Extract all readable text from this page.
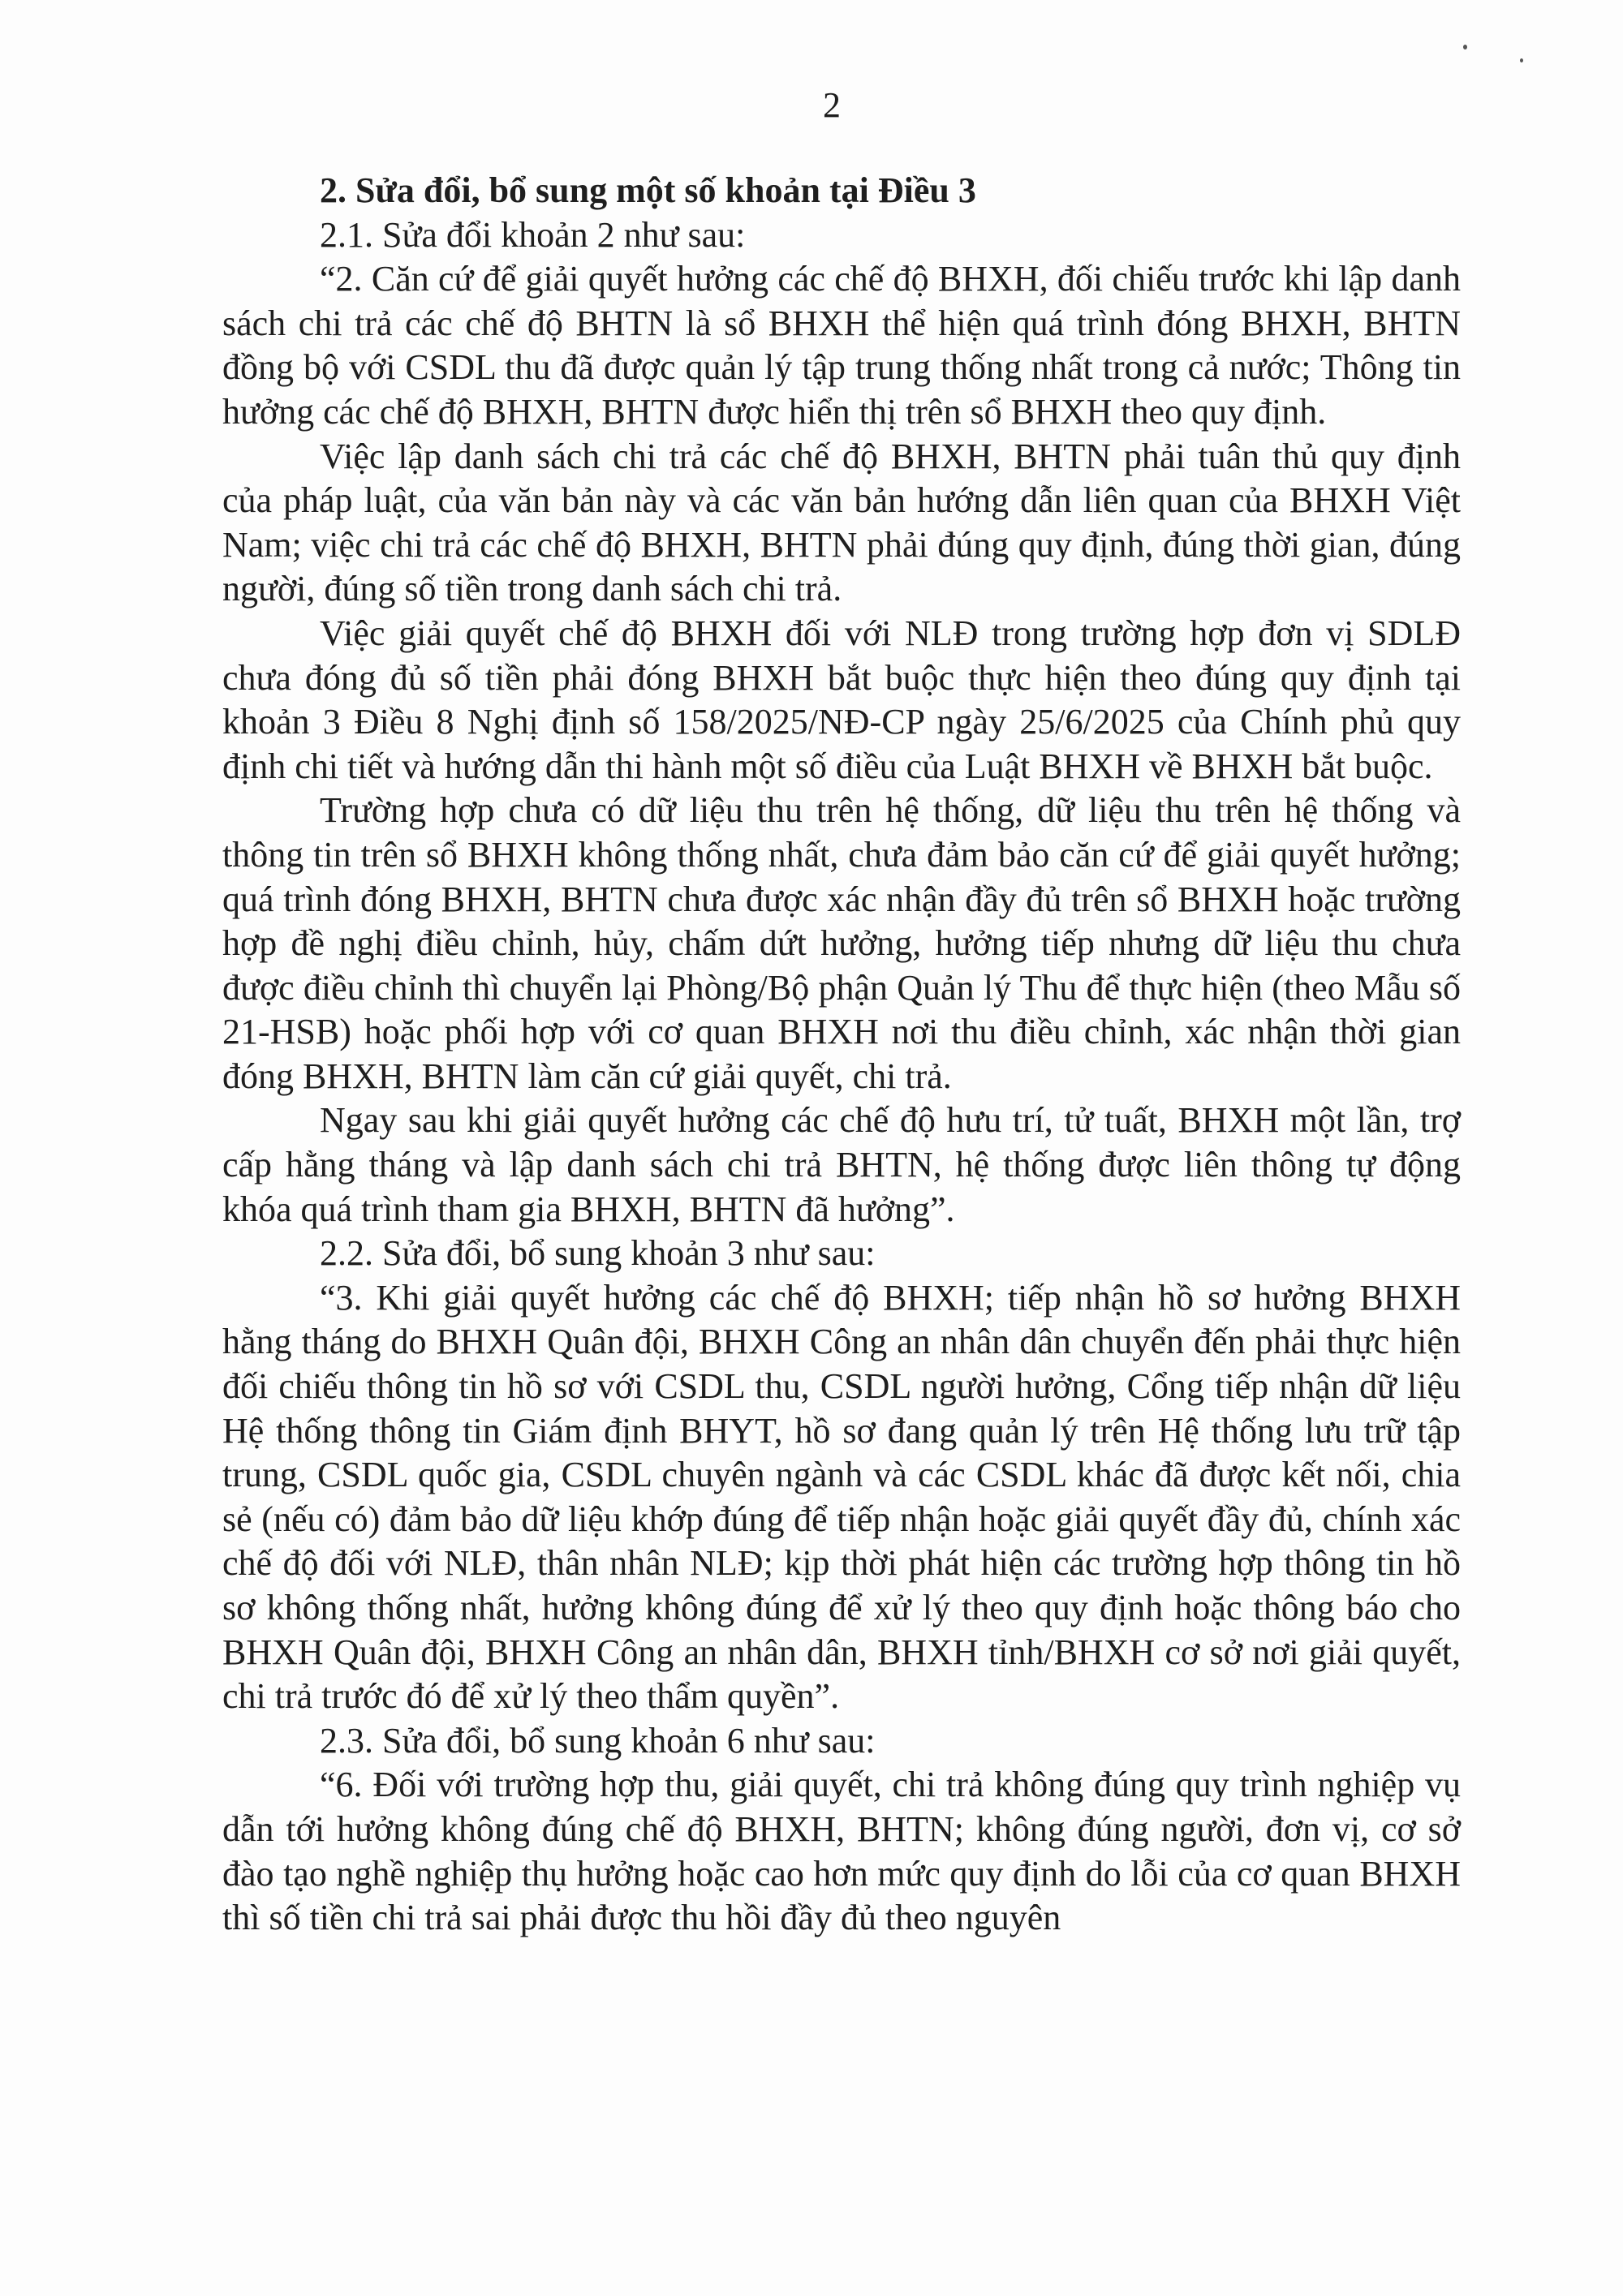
2

2. Sửa đổi, bổ sung một số khoản tại Điều 3

2.1. Sửa đổi khoản 2 như sau:

“2. Căn cứ để giải quyết hưởng các chế độ BHXH, đối chiếu trước khi lập danh sách chi trả các chế độ BHTN là sổ BHXH thể hiện quá trình đóng BHXH, BHTN đồng bộ với CSDL thu đã được quản lý tập trung thống nhất trong cả nước; Thông tin hưởng các chế độ BHXH, BHTN được hiển thị trên sổ BHXH theo quy định.

Việc lập danh sách chi trả các chế độ BHXH, BHTN phải tuân thủ quy định của pháp luật, của văn bản này và các văn bản hướng dẫn liên quan của BHXH Việt Nam; việc chi trả các chế độ BHXH, BHTN phải đúng quy định, đúng thời gian, đúng người, đúng số tiền trong danh sách chi trả.

Việc giải quyết chế độ BHXH đối với NLĐ trong trường hợp đơn vị SDLĐ chưa đóng đủ số tiền phải đóng BHXH bắt buộc thực hiện theo đúng quy định tại khoản 3 Điều 8 Nghị định số 158/2025/NĐ-CP ngày 25/6/2025 của Chính phủ quy định chi tiết và hướng dẫn thi hành một số điều của Luật BHXH về BHXH bắt buộc.

Trường hợp chưa có dữ liệu thu trên hệ thống, dữ liệu thu trên hệ thống và thông tin trên sổ BHXH không thống nhất, chưa đảm bảo căn cứ để giải quyết hưởng; quá trình đóng BHXH, BHTN chưa được xác nhận đầy đủ trên sổ BHXH hoặc trường hợp đề nghị điều chỉnh, hủy, chấm dứt hưởng, hưởng tiếp nhưng dữ liệu thu chưa được điều chỉnh thì chuyển lại Phòng/Bộ phận Quản lý Thu để thực hiện (theo Mẫu số 21-HSB) hoặc phối hợp với cơ quan BHXH nơi thu điều chỉnh, xác nhận thời gian đóng BHXH, BHTN làm căn cứ giải quyết, chi trả.

Ngay sau khi giải quyết hưởng các chế độ hưu trí, tử tuất, BHXH một lần, trợ cấp hằng tháng và lập danh sách chi trả BHTN, hệ thống được liên thông tự động khóa quá trình tham gia BHXH, BHTN đã hưởng”.

2.2. Sửa đổi, bổ sung khoản 3 như sau:

“3. Khi giải quyết hưởng các chế độ BHXH; tiếp nhận hồ sơ hưởng BHXH hằng tháng do BHXH Quân đội, BHXH Công an nhân dân chuyển đến phải thực hiện đối chiếu thông tin hồ sơ với CSDL thu, CSDL người hưởng, Cổng tiếp nhận dữ liệu Hệ thống thông tin Giám định BHYT, hồ sơ đang quản lý trên Hệ thống lưu trữ tập trung, CSDL quốc gia, CSDL chuyên ngành và các CSDL khác đã được kết nối, chia sẻ (nếu có) đảm bảo dữ liệu khớp đúng để tiếp nhận hoặc giải quyết đầy đủ, chính xác chế độ đối với NLĐ, thân nhân NLĐ; kịp thời phát hiện các trường hợp thông tin hồ sơ không thống nhất, hưởng không đúng để xử lý theo quy định hoặc thông báo cho BHXH Quân đội, BHXH Công an nhân dân, BHXH tỉnh/BHXH cơ sở nơi giải quyết, chi trả trước đó để xử lý theo thẩm quyền”.

2.3. Sửa đổi, bổ sung khoản 6 như sau:

“6. Đối với trường hợp thu, giải quyết, chi trả không đúng quy trình nghiệp vụ dẫn tới hưởng không đúng chế độ BHXH, BHTN; không đúng người, đơn vị, cơ sở đào tạo nghề nghiệp thụ hưởng hoặc cao hơn mức quy định do lỗi của cơ quan BHXH thì số tiền chi trả sai phải được thu hồi đầy đủ theo nguyên
